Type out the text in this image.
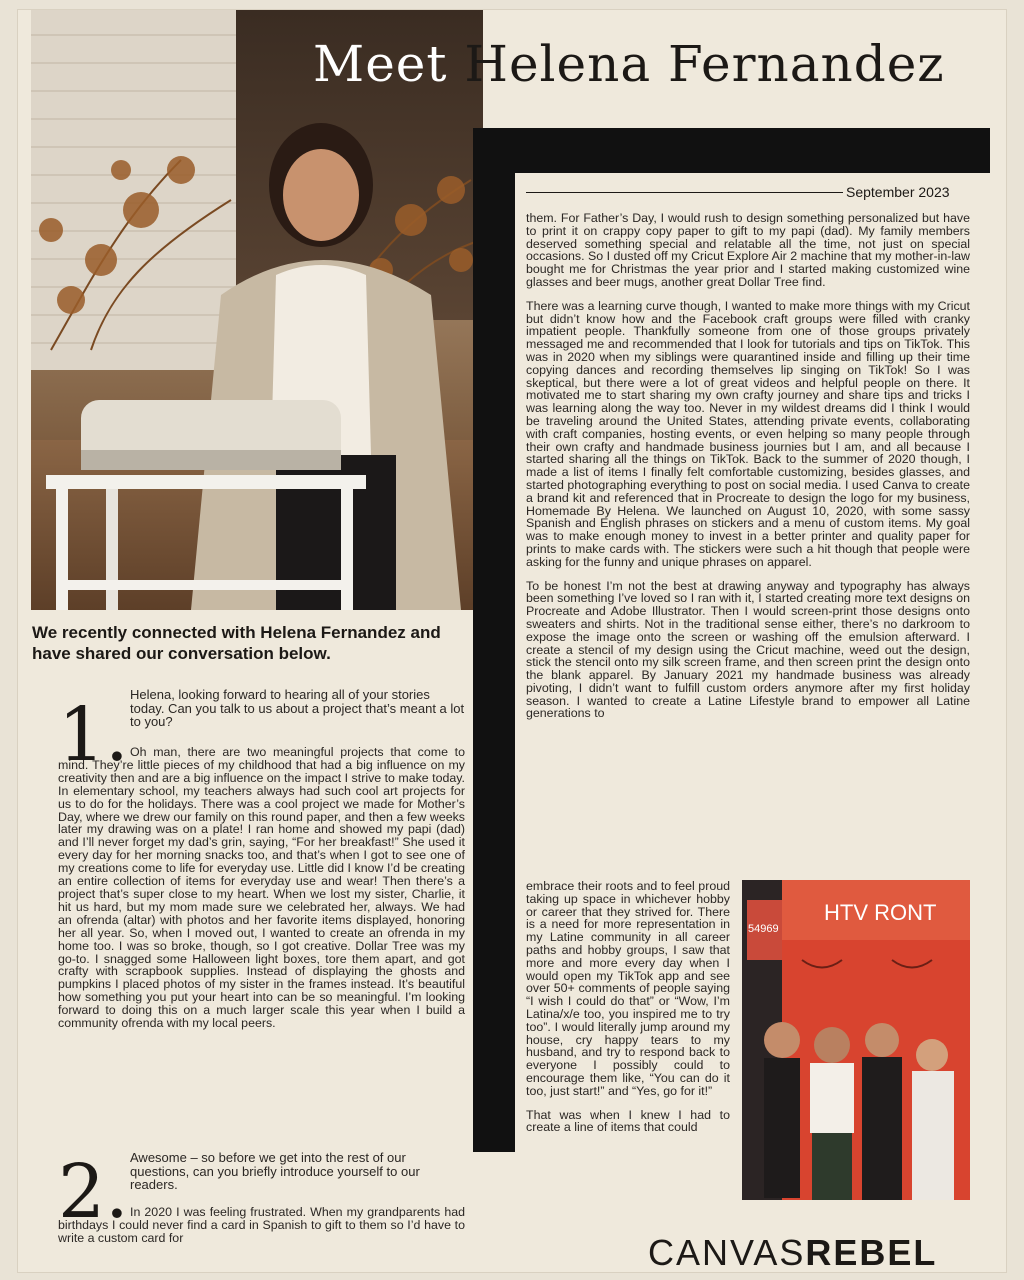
Meet Helena Fernandez
September 2023

them. For Father’s Day, I would rush to design something personalized but have to print it on crappy copy paper to gift to my papi (dad). My family members deserved something special and relatable all the time, not just on special occasions. So I dusted off my Cricut Explore Air 2 machine that my mother-in-law bought me for Christmas the year prior and I started making customized wine glasses and beer mugs, another great Dollar Tree find.

There was a learning curve though, I wanted to make more things with my Cricut but didn’t know how and the Facebook craft groups were filled with cranky impatient people. Thankfully someone from one of those groups privately messaged me and recommended that I look for tutorials and tips on TikTok. This was in 2020 when my siblings were quarantined inside and filling up their time copying dances and recording themselves lip singing on TikTok! So I was skeptical, but there were a lot of great videos and helpful people on there. It motivated me to start sharing my own crafty journey and share tips and tricks I was learning along the way too. Never in my wildest dreams did I think I would be traveling around the United States, attending private events, collaborating with craft companies, hosting events, or even helping so many people through their own crafty and handmade business journies but I am, and all because I started sharing all the things on TikTok. Back to the summer of 2020 though, I made a list of items I finally felt comfortable customizing, besides glasses, and started photographing everything to post on social media. I used Canva to create a brand kit and referenced that in Procreate to design the logo for my business, Homemade By Helena. We launched on August 10, 2020, with some sassy Spanish and English phrases on stickers and a menu of custom items. My goal was to make enough money to invest in a better printer and quality paper for prints to make cards with. The stickers were such a hit though that people were asking for the funny and unique phrases on apparel.

To be honest I’m not the best at drawing anyway and typography has always been something I’ve loved so I ran with it, I started creating more text designs on Procreate and Adobe Illustrator. Then I would screen-print those designs onto sweaters and shirts. Not in the traditional sense either, there’s no darkroom to expose the image onto the screen or washing off the emulsion afterward. I create a stencil of my design using the Cricut machine, weed out the design, stick the stencil onto my silk screen frame, and then screen print the design onto the blank apparel. By January 2021 my handmade business was already pivoting, I didn’t want to fulfill custom orders anymore after my first holiday season. I wanted to create a Latine Lifestyle brand to empower all Latine generations to

54969
HTV RONT

embrace their roots and to feel proud taking up space in whichever hobby or career that they strived for. There is a need for more representation in my Latine community in all career paths and hobby groups, I saw that more and more every day when I would open my TikTok app and see over 50+ comments of people saying “I wish I could do that” or “Wow, I’m Latina/x/e too, you inspired me to try too”. I would literally jump around my house, cry happy tears to my husband, and try to respond back to everyone I possibly could to encourage them like, “You can do it too, just start!” and “Yes, go for it!”

That was when I knew I had to create a line of items that could

We recently connected with Helena Fernandez and have shared our conversation below.
1. Helena, looking forward to hearing all of your stories today. Can you talk to us about a project that’s meant a lot to you?
Oh man, there are two meaningful projects that come to mind. They’re little pieces of my childhood that had a big influence on my creativity then and are a big influence on the impact I strive to make today. In elementary school, my teachers always had such cool art projects for us to do for the holidays. There was a cool project we made for Mother’s Day, where we drew our family on this round paper, and then a few weeks later my drawing was on a plate! I ran home and showed my papi (dad) and I’ll never forget my dad’s grin, saying, “For her breakfast!” She used it every day for her morning snacks too, and that’s when I got to see one of my creations come to life for everyday use. Little did I know I’d be creating an entire collection of items for everyday use and wear! Then there’s a project that’s super close to my heart. When we lost my sister, Charlie, it hit us hard, but my mom made sure we celebrated her, always. We had an ofrenda (altar) with photos and her favorite items displayed, honoring her all year. So, when I moved out, I wanted to create an ofrenda in my home too. I was so broke, though, so I got creative. Dollar Tree was my go-to. I snagged some Halloween light boxes, tore them apart, and got crafty with scrapbook supplies. Instead of displaying the ghosts and pumpkins I placed photos of my sister in the frames instead. It’s beautiful how something you put your heart into can be so meaningful. I’m looking forward to doing this on a much larger scale this year when I build a community ofrenda with my local peers.
2. Awesome – so before we get into the rest of our questions, can you briefly introduce yourself to our readers.
In 2020 I was feeling frustrated. When my grandparents had birthdays I could never find a card in Spanish to gift to them so I’d have to write a custom card for	CANVASREBEL
